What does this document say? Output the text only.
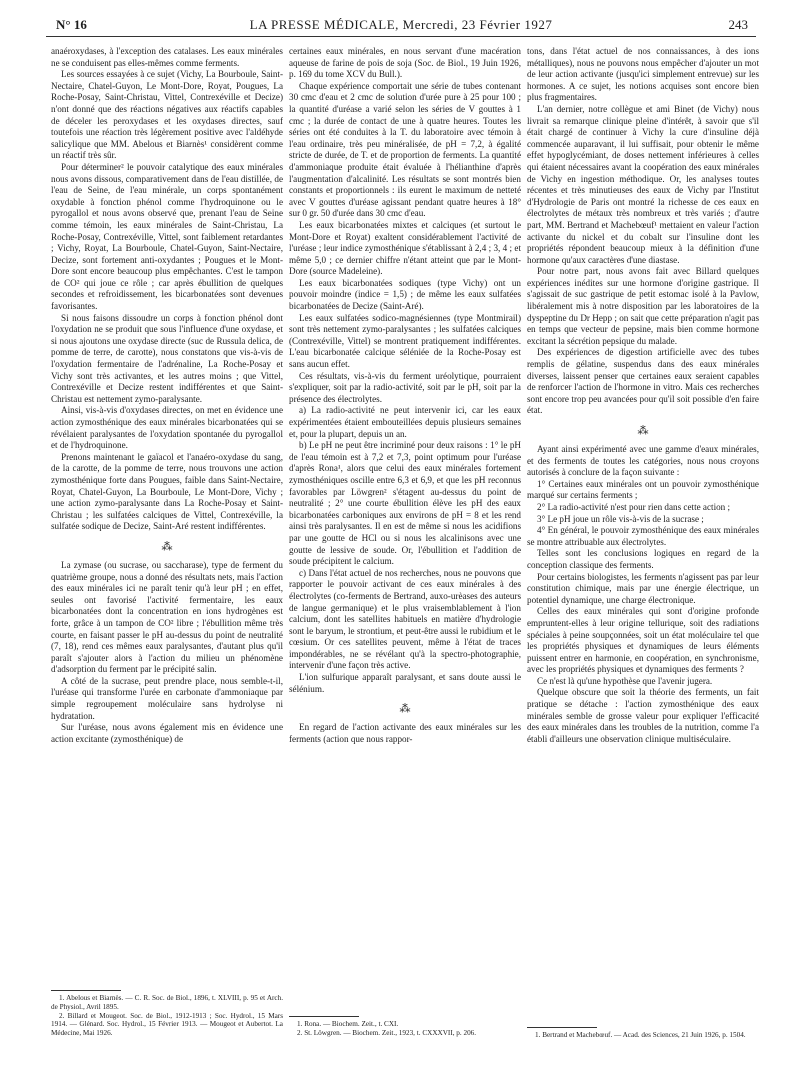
N° 16	LA PRESSE MÉDICALE, Mercredi, 23 Février 1927	243

anaéroxydases, à l'exception des catalases. Les eaux minérales ne se conduisent pas elles-mêmes comme ferments.

Les sources essayées à ce sujet (Vichy, La Bourboule, Saint-Nectaire, Chatel-Guyon, Le Mont-Dore, Royat, Pougues, La Roche-Posay, Saint-Christau, Vittel, Contrexéville et Decize) n'ont donné que des réactions négatives aux réactifs capables de déceler les peroxydases et les oxydases directes, sauf toutefois une réaction très légèrement positive avec l'aldéhyde salicylique que MM. Abelous et Biarnès¹ considèrent comme un réactif très sûr.

Pour déterminer² le pouvoir catalytique des eaux minérales nous avons dissous, comparativement dans de l'eau distillée, de l'eau de Seine, de l'eau minérale, un corps spontanément oxydable à fonction phénol comme l'hydroquinone ou le pyrogallol et nous avons observé que, prenant l'eau de Seine comme témoin, les eaux minérales de Saint-Christau, La Roche-Posay, Contrexéville, Vittel, sont faiblement retardantes ; Vichy, Royat, La Bourboule, Chatel-Guyon, Saint-Nectaire, Decize, sont fortement anti-oxydantes ; Pougues et le Mont-Dore sont encore beaucoup plus empêchantes. C'est le tampon de CO² qui joue ce rôle ; car après ébullition de quelques secondes et refroidissement, les bicarbonatées sont devenues favorisantes.

Si nous faisons dissoudre un corps à fonction phénol dont l'oxydation ne se produit que sous l'influence d'une oxydase, et si nous ajoutons une oxydase directe (suc de Russula delica, de pomme de terre, de carotte), nous constatons que vis-à-vis de l'oxydation fermentaire de l'adrénaline, La Roche-Posay et Vichy sont très activantes, et les autres moins ; que Vittel, Contrexéville et Decize restent indifférentes et que Saint-Christau est nettement zymo-paralysante.

Ainsi, vis-à-vis d'oxydases directes, on met en évidence une action zymosthénique des eaux minérales bicarbonatées qui se révélaient paralysantes de l'oxydation spontanée du pyrogallol et de l'hydroquinone.

Prenons maintenant le gaïacol et l'anaéro-oxydase du sang, de la carotte, de la pomme de terre, nous trouvons une action zymosthénique forte dans Pougues, faible dans Saint-Nectaire, Royat, Chatel-Guyon, La Bourboule, Le Mont-Dore, Vichy ; une action zymo-paralysante dans La Roche-Posay et Saint-Christau ; les sulfatées calciques de Vittel, Contrexéville, la sulfatée sodique de Decize, Saint-Aré restent indifférentes.

⁂

La zymase (ou sucrase, ou saccharase), type de ferment du quatrième groupe, nous a donné des résultats nets, mais l'action des eaux minérales ici ne paraît tenir qu'à leur pH ; en effet, seules ont favorisé l'activité fermentaire, les eaux bicarbonatées dont la concentration en ions hydrogènes est forte, grâce à un tampon de CO² libre ; l'ébullition même très courte, en faisant passer le pH au-dessus du point de neutralité (7, 18), rend ces mêmes eaux paralysantes, d'autant plus qu'il paraît s'ajouter alors à l'action du milieu un phénomène d'adsorption du ferment par le précipité salin.

A côté de la sucrase, peut prendre place, nous semble-t-il, l'uréase qui transforme l'urée en carbonate d'ammoniaque par simple regroupement moléculaire sans hydrolyse ni hydratation.

Sur l'uréase, nous avons également mis en évidence une action excitante (zymosthénique) de

certaines eaux minérales, en nous servant d'une macération aqueuse de farine de pois de soja (Soc. de Biol., 19 Juin 1926, p. 169 du tome XCV du Bull.).

Chaque expérience comportait une série de tubes contenant 30 cmc d'eau et 2 cmc de solution d'urée pure à 25 pour 100 ; la quantité d'uréase a varié selon les séries de V gouttes à 1 cmc ; la durée de contact de une à quatre heures. Toutes les séries ont été conduites à la T. du laboratoire avec témoin à l'eau ordinaire, très peu minéralisée, de pH = 7,2, à égalité stricte de durée, de T. et de proportion de ferments. La quantité d'ammoniaque produite était évaluée à l'hélianthine d'après l'augmentation d'alcalinité. Les résultats se sont montrés bien constants et proportionnels : ils eurent le maximum de netteté avec V gouttes d'uréase agissant pendant quatre heures à 18° sur 0 gr. 50 d'urée dans 30 cmc d'eau.

Les eaux bicarbonatées mixtes et calciques (et surtout le Mont-Dore et Royat) exaltent considérablement l'activité de l'uréase ; leur indice zymosthénique s'établissant à 2,4 ; 3, 4 ; et même 5,0 ; ce dernier chiffre n'étant atteint que par le Mont-Dore (source Madeleine).

Les eaux bicarbonatées sodiques (type Vichy) ont un pouvoir moindre (indice = 1,5) ; de même les eaux sulfatées bicarbonatées de Decize (Saint-Aré).

Les eaux sulfatées sodico-magnésiennes (type Montmirail) sont très nettement zymo-paralysantes ; les sulfatées calciques (Contrexéville, Vittel) se montrent pratiquement indifférentes. L'eau bicarbonatée calcique séléniée de la Roche-Posay est sans aucun effet.

Ces résultats, vis-à-vis du ferment uréolytique, pourraient s'expliquer, soit par la radio-activité, soit par le pH, soit par la présence des électrolytes.

a) La radio-activité ne peut intervenir ici, car les eaux expérimentées étaient embouteillées depuis plusieurs semaines et, pour la plupart, depuis un an.

b) Le pH ne peut être incriminé pour deux raisons : 1° le pH de l'eau témoin est à 7,2 et 7,3, point optimum pour l'uréase d'après Rona¹, alors que celui des eaux minérales fortement zymosthéniques oscille entre 6,3 et 6,9, et que les pH reconnus favorables par Löwgren² s'étagent au-dessus du point de neutralité ; 2° une courte ébullition élève les pH des eaux bicarbonatées carboniques aux environs de pH = 8 et les rend ainsi très paralysantes. Il en est de même si nous les acidifions par une goutte de HCl ou si nous les alcalinisons avec une goutte de lessive de soude. Or, l'ébullition et l'addition de soude précipitent le calcium.

c) Dans l'état actuel de nos recherches, nous ne pouvons que rapporter le pouvoir activant de ces eaux minérales à des électrolytes (co-ferments de Bertrand, auxo-urèases des auteurs de langue germanique) et le plus vraisemblablement à l'ion calcium, dont les satellites habituels en matière d'hydrologie sont le baryum, le strontium, et peut-être aussi le rubidium et le cœsium. Or ces satellites peuvent, même à l'état de traces impondérables, ne se révélant qu'à la spectro-photographie, intervenir d'une façon très active.

L'ion sulfurique apparaît paralysant, et sans doute aussi le sélénium.

⁂

En regard de l'action activante des eaux minérales sur les ferments (action que nous rappor-

tons, dans l'état actuel de nos connaissances, à des ions métalliques), nous ne pouvons nous empêcher d'ajouter un mot de leur action activante (jusqu'ici simplement entrevue) sur les hormones. A ce sujet, les notions acquises sont encore bien plus fragmentaires.

L'an dernier, notre collègue et ami Binet (de Vichy) nous livrait sa remarque clinique pleine d'intérêt, à savoir que s'il était chargé de continuer à Vichy la cure d'insuline déjà commencée auparavant, il lui suffisait, pour obtenir le même effet hypoglycémiant, de doses nettement inférieures à celles qui étaient nécessaires avant la coopération des eaux minérales de Vichy en ingestion méthodique. Or, les analyses toutes récentes et très minutieuses des eaux de Vichy par l'Institut d'Hydrologie de Paris ont montré la richesse de ces eaux en électrolytes de métaux très nombreux et très variés ; d'autre part, MM. Bertrand et Machebœuf¹ mettaient en valeur l'action activante du nickel et du cobalt sur l'insuline dont les propriétés répondent beaucoup mieux à la définition d'une hormone qu'aux caractères d'une diastase.

Pour notre part, nous avons fait avec Billard quelques expériences inédites sur une hormone d'origine gastrique. Il s'agissait de suc gastrique de petit estomac isolé à la Pavlow, libéralement mis à notre disposition par les laboratoires de la dyspeptine du Dr Hepp ; on sait que cette préparation n'agit pas en temps que vecteur de pepsine, mais bien comme hormone excitant la sécrétion pepsique du malade.

Des expériences de digestion artificielle avec des tubes remplis de gélatine, suspendus dans des eaux minérales diverses, laissent penser que certaines eaux seraient capables de renforcer l'action de l'hormone in vitro. Mais ces recherches sont encore trop peu avancées pour qu'il soit possible d'en faire état.

⁂

Ayant ainsi expérimenté avec une gamme d'eaux minérales, et des ferments de toutes les catégories, nous nous croyons autorisés à conclure de la façon suivante :

1° Certaines eaux minérales ont un pouvoir zymosthénique marqué sur certains ferments ;

2° La radio-activité n'est pour rien dans cette action ;

3° Le pH joue un rôle vis-à-vis de la sucrase ;

4° En général, le pouvoir zymosthénique des eaux minérales se montre attribuable aux électrolytes.

Telles sont les conclusions logiques en regard de la conception classique des ferments.

Pour certains biologistes, les ferments n'agissent pas par leur constitution chimique, mais par une énergie électrique, un potentiel dynamique, une charge électronique.

Celles des eaux minérales qui sont d'origine profonde empruntent-elles à leur origine tellurique, soit des radiations spéciales à peine soupçonnées, soit un état moléculaire tel que les propriétés physiques et dynamiques de leurs éléments puissent entrer en harmonie, en coopération, en synchronisme, avec les propriétés physiques et dynamiques des ferments ?

Ce n'est là qu'une hypothèse que l'avenir jugera.

Quelque obscure que soit la théorie des ferments, un fait pratique se détache : l'action zymosthénique des eaux minérales semble de grosse valeur pour expliquer l'efficacité des eaux minérales dans les troubles de la nutrition, comme l'a établi d'ailleurs une observation clinique multiséculaire.

1. Abelous et Biarnès. — C. R. Soc. de Biol., 1896, t. XLVIII, p. 95 et Arch. de Physiol., Avril 1895.
2. Billard et Mougeot. Soc. de Biol., 1912-1913 ; Soc. Hydrol., 15 Mars 1914. — Glénard. Soc. Hydrol., 15 Février 1913. — Mougeot et Aubertot. La Médecine, Mai 1926.
1. Rona. — Biochem. Zeit., t. CXI.
2. St. Löwgren. — Biochem. Zeit., 1923, t. CXXXVII, p. 206.	1. Bertrand et Machebœuf. — Acad. des Sciences, 21 Juin 1926, p. 1504.
